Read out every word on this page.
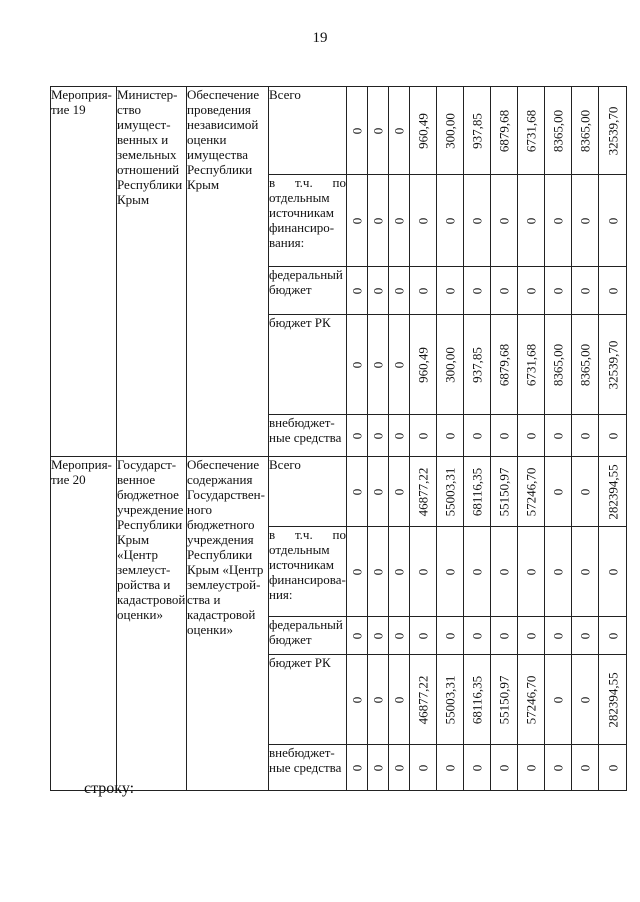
19
Мероприя-тие 19	Министер-ство имущест-венных и земельных отношений Республики Крым	Обеспечение проведения независимой оценки имущества Республики Крым	Всего	0	0	0	960,49	300,00	937,85	6879,68	6731,68	8365,00	8365,00	32539,70

			в т.ч. по отдельным источникам финансиро-вания:	0	0	0	0	0	0	0	0	0	0	0

			федеральный бюджет	0	0	0	0	0	0	0	0	0	0	0

			бюджет РК	0	0	0	960,49	300,00	937,85	6879,68	6731,68	8365,00	8365,00	32539,70

			внебюджет-ные средства	0	0	0	0	0	0	0	0	0	0	0

Мероприя-тие 20	Государст-венное бюджетное учреждение Республики Крым «Центр землеуст-ройства и кадастровой оценки»	Обеспечение содержания Государствен-ного бюджетного учреждения Республики Крым «Центр землеустрой-ства и кадастровой оценки»	Всего	0	0	0	46877,22	55003,31	68116,35	55150,97	57246,70	0	0	282394,55

			в т.ч. по отдельным источникам финансирова-ния:	0	0	0	0	0	0	0	0	0	0	0

			федеральный бюджет	0	0	0	0	0	0	0	0	0	0	0

			бюджет РК	0	0	0	46877,22	55003,31	68116,35	55150,97	57246,70	0	0	282394,55

			внебюджет-ные средства	0	0	0	0	0	0	0	0	0	0	0
строку:
